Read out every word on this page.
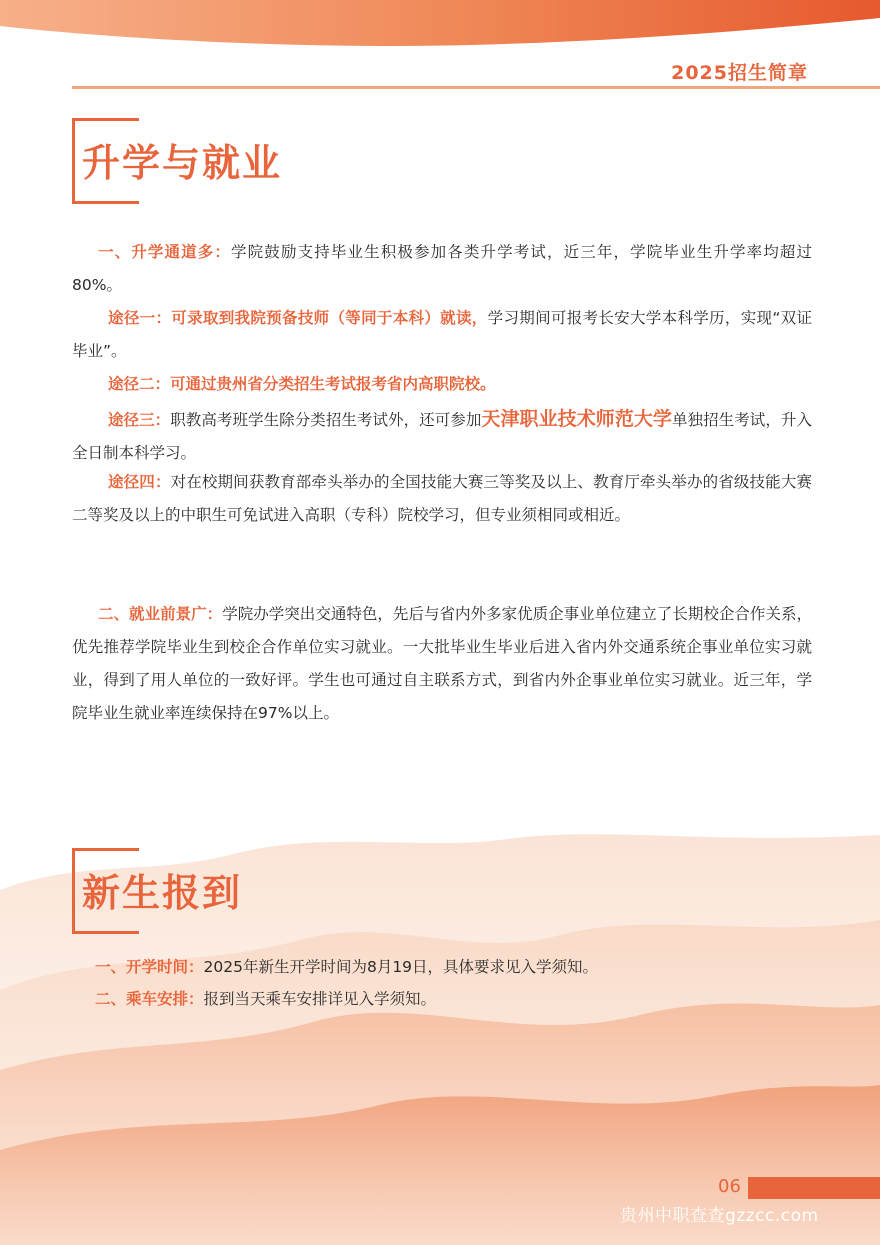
2025招生简章
升学与就业
一、升学通道多：学院鼓励支持毕业生积极参加各类升学考试，近三年，学院毕业生升学率均超过80%。
途径一：可录取到我院预备技师（等同于本科）就读，学习期间可报考长安大学本科学历，实现“双证毕业”。
途径二：可通过贵州省分类招生考试报考省内高职院校。
途径三：职教高考班学生除分类招生考试外，还可参加天津职业技术师范大学单独招生考试，升入全日制本科学习。
途径四：对在校期间获教育部牵头举办的全国技能大赛三等奖及以上、教育厅牵头举办的省级技能大赛二等奖及以上的中职生可免试进入高职（专科）院校学习，但专业须相同或相近。
二、就业前景广：学院办学突出交通特色，先后与省内外多家优质企事业单位建立了长期校企合作关系，优先推荐学院毕业生到校企合作单位实习就业。一大批毕业生毕业后进入省内外交通系统企事业单位实习就业，得到了用人单位的一致好评。学生也可通过自主联系方式，到省内外企事业单位实习就业。近三年，学院毕业生就业率连续保持在97%以上。
新生报到
一、开学时间：2025年新生开学时间为8月19日，具体要求见入学须知。
二、乘车安排：报到当天乘车安排详见入学须知。
06
贵州中职查查gzzcc.com
